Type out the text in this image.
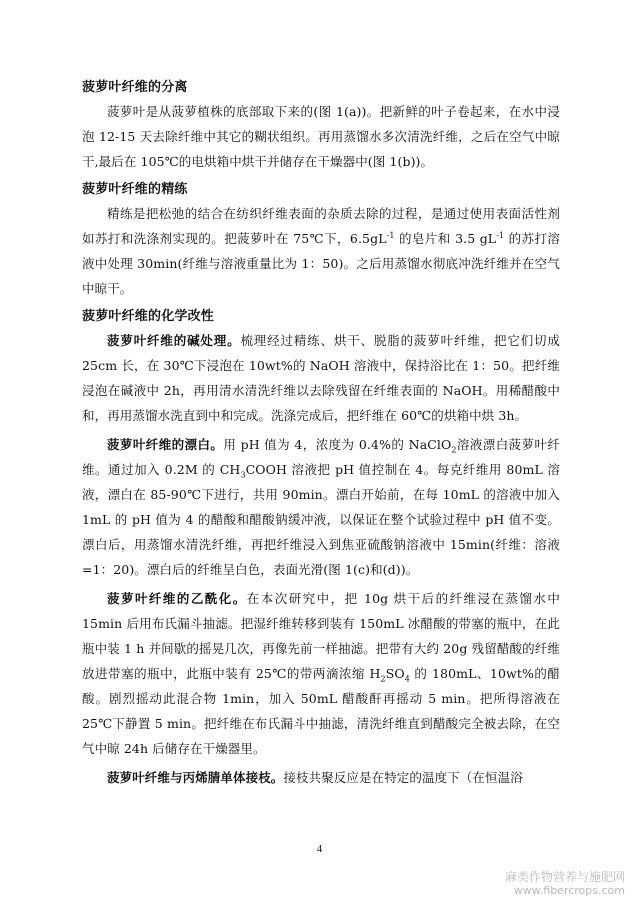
菠萝叶纤维的分离

菠萝叶是从菠萝植株的底部取下来的(图 1(a))。把新鲜的叶子卷起来，在水中浸泡 12-15 天去除纤维中其它的糊状组织。再用蒸馏水多次清洗纤维，之后在空气中晾干,最后在 105℃的电烘箱中烘干并储存在干燥器中(图 1(b))。

菠萝叶纤维的精练

精练是把松弛的结合在纺织纤维表面的杂质去除的过程，是通过使用表面活性剂如苏打和洗涤剂实现的。把菠萝叶在 75℃下，$6.5gL^{-1}$ 的皂片和 3.5 $gL^{-1}$ 的苏打溶液中处理 30min(纤维与溶液重量比为 1：50)。之后用蒸馏水彻底冲洗纤维并在空气中晾干。

菠萝叶纤维的化学改性

菠萝叶纤维的碱处理。梳理经过精练、烘干、脱脂的菠萝叶纤维，把它们切成 25cm 长，在 30℃下浸泡在 10wt%的 NaOH 溶液中，保持浴比在 1：50。把纤维浸泡在碱液中 2h，再用清水清洗纤维以去除残留在纤维表面的 NaOH。用稀醋酸中和，再用蒸馏水洗直到中和完成。洗涤完成后，把纤维在 60℃的烘箱中烘 3h。

菠萝叶纤维的漂白。用 pH 值为 4，浓度为 0.4%的 NaClO$_2$溶液漂白菠萝叶纤维。通过加入 0.2M 的 $CH_3COOH$ 溶液把 pH 值控制在 4。每克纤维用 80mL 溶液，漂白在 85-90℃下进行，共用 90min。漂白开始前，在每 10mL 的溶液中加入 1mL 的 pH 值为 4 的醋酸和醋酸钠缓冲液，以保证在整个试验过程中 pH 值不变。漂白后，用蒸馏水清洗纤维，再把纤维浸入到焦亚硫酸钠溶液中 15min(纤维：溶液=1：20)。漂白后的纤维呈白色，表面光滑(图 1(c)和(d))。

菠萝叶纤维的乙酰化。在本次研究中，把 10g 烘干后的纤维浸在蒸馏水中 15min 后用布氏漏斗抽滤。把湿纤维转移到装有 150mL 冰醋酸的带塞的瓶中，在此瓶中装 1 h 并间歇的摇晃几次，再像先前一样抽滤。把带有大约 20g 残留醋酸的纤维放进带塞的瓶中，此瓶中装有 25℃的带两滴浓缩 $H_2SO_4$ 的 180mL、10wt%的醋酸。剧烈摇动此混合物 1min，加入 50mL 醋酸酐再摇动 5 min。把所得溶液在 25℃下静置 5 min。把纤维在布氏漏斗中抽滤，清洗纤维直到醋酸完全被去除，在空气中晾 24h 后储存在干燥器里。

菠萝叶纤维与丙烯腈单体接枝。接枝共聚反应是在特定的温度下（在恒温浴

4
麻类作物营养与施肥网
www.fibercrops.com
